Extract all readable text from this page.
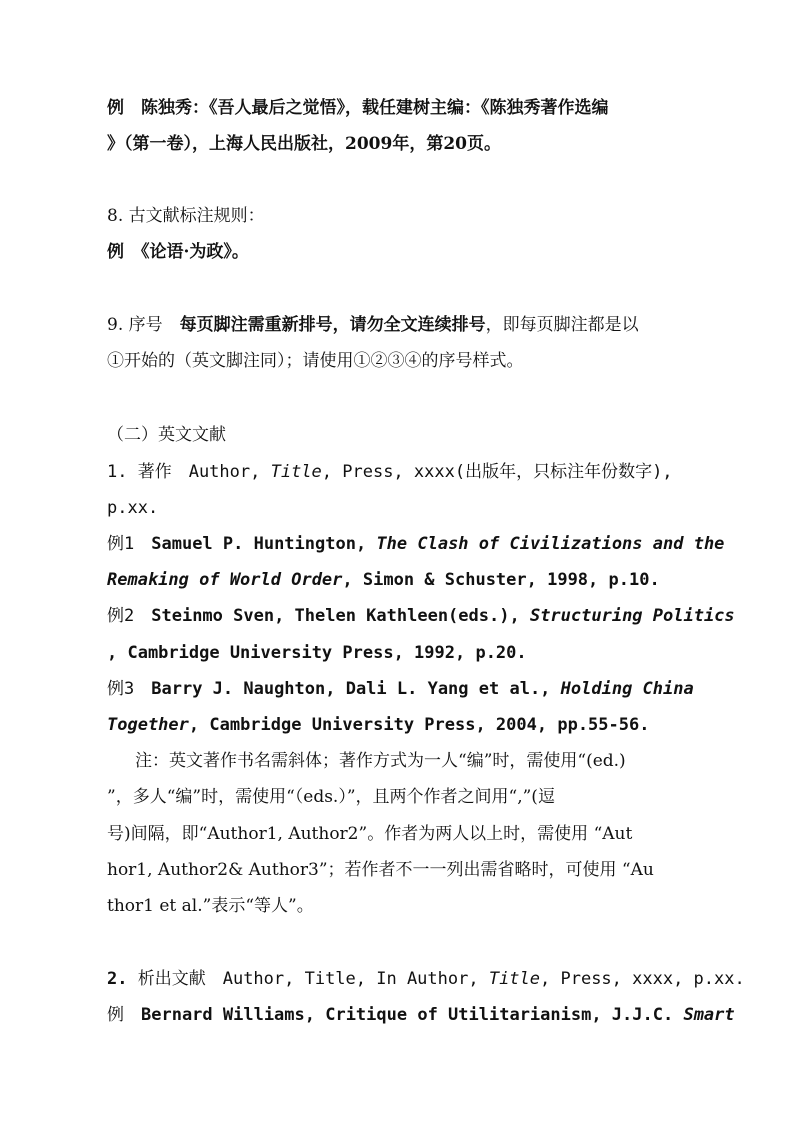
例　陈独秀：《吾人最后之觉悟》，载任建树主编：《陈独秀著作选编
》（第一卷），上海人民出版社，2009年，第20页。
8. 古文献标注规则：
例　《论语·为政》。
9. 序号　每页脚注需重新排号，请勿全文连续排号，即每页脚注都是以
①开始的（英文脚注同）；请使用①②③④的序号样式。
（二）英文文献
1. 著作　Author, Title, Press, xxxx(出版年，只标注年份数字),
p.xx.
例1　Samuel P. Huntington, The Clash of Civilizations and the
Remaking of World Order, Simon & Schuster, 1998, p.10.
例2　Steinmo Sven, Thelen Kathleen(eds.), Structuring Politics
, Cambridge University Press, 1992, p.20.
例3　Barry J. Naughton, Dali L. Yang et al., Holding China
Together, Cambridge University Press, 2004, pp.55-56.
注：英文著作书名需斜体；著作方式为一人“编”时，需使用“(ed.)
”，多人“编”时，需使用“（eds.）”，且两个作者之间用“,”(逗
号)间隔，即“Author1, Author2”。作者为两人以上时，需使用 “Aut
hor1, Author2& Author3”；若作者不一一列出需省略时，可使用 “Au
thor1 et al.”表示“等人”。
2. 析出文献　Author, Title, In Author, Title, Press, xxxx, p.xx.
例　Bernard Williams, Critique of Utilitarianism, J.J.C. Smart
